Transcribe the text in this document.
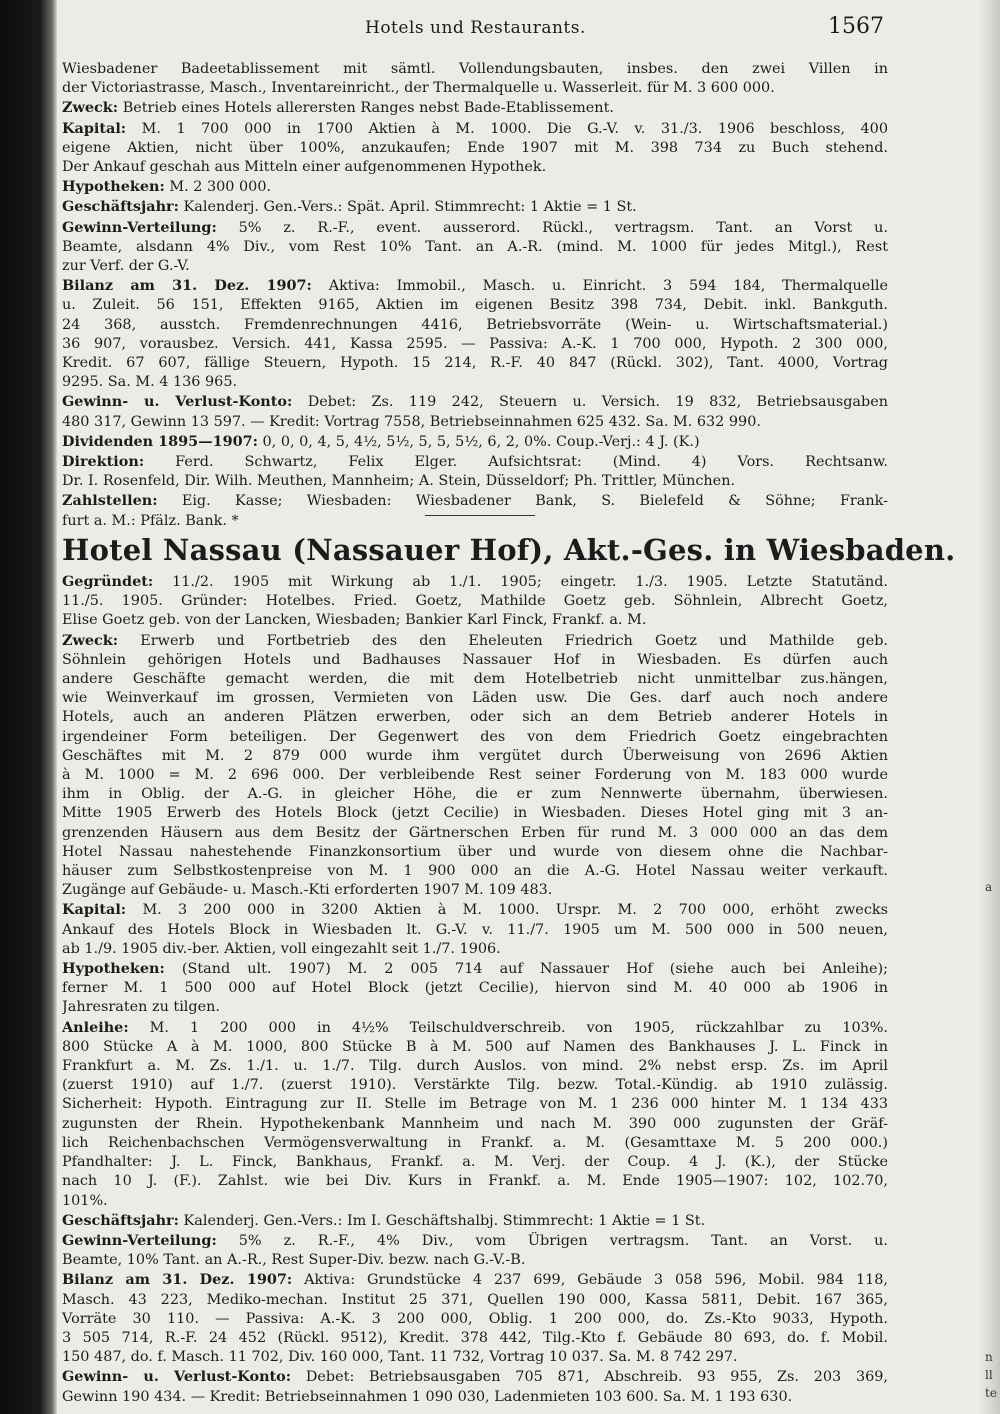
Hotels und Restaurants.	1567
Wiesbadener Badeetablissement mit sämtl. Vollendungsbauten, insbes. den zwei Villen in
der Victoriastrasse, Masch., Inventareinricht., der Thermalquelle u. Wasserleit. für M. 3 600 000.
Zweck: Betrieb eines Hotels allerersten Ranges nebst Bade-Etablissement.
Kapital: M. 1 700 000 in 1700 Aktien à M. 1000. Die G.-V. v. 31./3. 1906 beschloss, 400
eigene Aktien, nicht über 100%, anzukaufen; Ende 1907 mit M. 398 734 zu Buch stehend.
Der Ankauf geschah aus Mitteln einer aufgenommenen Hypothek.
Hypotheken: M. 2 300 000.
Geschäftsjahr: Kalenderj. Gen.-Vers.: Spät. April. Stimmrecht: 1 Aktie = 1 St.
Gewinn-Verteilung: 5% z. R.-F., event. ausserord. Rückl., vertragsm. Tant. an Vorst u.
Beamte, alsdann 4% Div., vom Rest 10% Tant. an A.-R. (mind. M. 1000 für jedes Mitgl.), Rest
zur Verf. der G.-V.
Bilanz am 31. Dez. 1907: Aktiva: Immobil., Masch. u. Einricht. 3 594 184, Thermalquelle
u. Zuleit. 56 151, Effekten 9165, Aktien im eigenen Besitz 398 734, Debit. inkl. Bankguth.
24 368, ausstch. Fremdenrechnungen 4416, Betriebsvorräte (Wein- u. Wirtschaftsmaterial.)
36 907, vorausbez. Versich. 441, Kassa 2595. — Passiva: A.-K. 1 700 000, Hypoth. 2 300 000,
Kredit. 67 607, fällige Steuern, Hypoth. 15 214, R.-F. 40 847 (Rückl. 302), Tant. 4000, Vortrag
9295. Sa. M. 4 136 965.
Gewinn- u. Verlust-Konto: Debet: Zs. 119 242, Steuern u. Versich. 19 832, Betriebsausgaben
480 317, Gewinn 13 597. — Kredit: Vortrag 7558, Betriebseinnahmen 625 432. Sa. M. 632 990.
Dividenden 1895—1907: 0, 0, 0, 4, 5, 4½, 5½, 5, 5, 5½, 6, 2, 0%. Coup.-Verj.: 4 J. (K.)
Direktion: Ferd. Schwartz, Felix Elger. Aufsichtsrat: (Mind. 4) Vors. Rechtsanw.
Dr. I. Rosenfeld, Dir. Wilh. Meuthen, Mannheim; A. Stein, Düsseldorf; Ph. Trittler, München.
Zahlstellen: Eig. Kasse; Wiesbaden: Wiesbadener Bank, S. Bielefeld & Söhne; Frank-
furt a. M.: Pfälz. Bank. *
Hotel Nassau (Nassauer Hof), Akt.-Ges. in Wiesbaden.
Gegründet: 11./2. 1905 mit Wirkung ab 1./1. 1905; eingetr. 1./3. 1905. Letzte Statutänd.
11./5. 1905. Gründer: Hotelbes. Fried. Goetz, Mathilde Goetz geb. Söhnlein, Albrecht Goetz,
Elise Goetz geb. von der Lancken, Wiesbaden; Bankier Karl Finck, Frankf. a. M.
Zweck: Erwerb und Fortbetrieb des den Eheleuten Friedrich Goetz und Mathilde geb.
Söhnlein gehörigen Hotels und Badhauses Nassauer Hof in Wiesbaden. Es dürfen auch
andere Geschäfte gemacht werden, die mit dem Hotelbetrieb nicht unmittelbar zus.hängen,
wie Weinverkauf im grossen, Vermieten von Läden usw. Die Ges. darf auch noch andere
Hotels, auch an anderen Plätzen erwerben, oder sich an dem Betrieb anderer Hotels in
irgendeiner Form beteiligen. Der Gegenwert des von dem Friedrich Goetz eingebrachten
Geschäftes mit M. 2 879 000 wurde ihm vergütet durch Überweisung von 2696 Aktien
à M. 1000 = M. 2 696 000. Der verbleibende Rest seiner Forderung von M. 183 000 wurde
ihm in Oblig. der A.-G. in gleicher Höhe, die er zum Nennwerte übernahm, überwiesen.
Mitte 1905 Erwerb des Hotels Block (jetzt Cecilie) in Wiesbaden. Dieses Hotel ging mit 3 an-
grenzenden Häusern aus dem Besitz der Gärtnerschen Erben für rund M. 3 000 000 an das dem
Hotel Nassau nahestehende Finanzkonsortium über und wurde von diesem ohne die Nachbar-
häuser zum Selbstkostenpreise von M. 1 900 000 an die A.-G. Hotel Nassau weiter verkauft.
Zugänge auf Gebäude- u. Masch.-Kti erforderten 1907 M. 109 483.
Kapital: M. 3 200 000 in 3200 Aktien à M. 1000. Urspr. M. 2 700 000, erhöht zwecks
Ankauf des Hotels Block in Wiesbaden lt. G.-V. v. 11./7. 1905 um M. 500 000 in 500 neuen,
ab 1./9. 1905 div.-ber. Aktien, voll eingezahlt seit 1./7. 1906.
Hypotheken: (Stand ult. 1907) M. 2 005 714 auf Nassauer Hof (siehe auch bei Anleihe);
ferner M. 1 500 000 auf Hotel Block (jetzt Cecilie), hiervon sind M. 40 000 ab 1906 in
Jahresraten zu tilgen.
Anleihe: M. 1 200 000 in 4½% Teilschuldverschreib. von 1905, rückzahlbar zu 103%.
800 Stücke A à M. 1000, 800 Stücke B à M. 500 auf Namen des Bankhauses J. L. Finck in
Frankfurt a. M. Zs. 1./1. u. 1./7. Tilg. durch Auslos. von mind. 2% nebst ersp. Zs. im April
(zuerst 1910) auf 1./7. (zuerst 1910). Verstärkte Tilg. bezw. Total.-Kündig. ab 1910 zulässig.
Sicherheit: Hypoth. Eintragung zur II. Stelle im Betrage von M. 1 236 000 hinter M. 1 134 433
zugunsten der Rhein. Hypothekenbank Mannheim und nach M. 390 000 zugunsten der Gräf-
lich Reichenbachschen Vermögensverwaltung in Frankf. a. M. (Gesamttaxe M. 5 200 000.)
Pfandhalter: J. L. Finck, Bankhaus, Frankf. a. M. Verj. der Coup. 4 J. (K.), der Stücke
nach 10 J. (F.). Zahlst. wie bei Div. Kurs in Frankf. a. M. Ende 1905—1907: 102, 102.70,
101%.
Geschäftsjahr: Kalenderj. Gen.-Vers.: Im I. Geschäftshalbj. Stimmrecht: 1 Aktie = 1 St.
Gewinn-Verteilung: 5% z. R.-F., 4% Div., vom Übrigen vertragsm. Tant. an Vorst. u.
Beamte, 10% Tant. an A.-R., Rest Super-Div. bezw. nach G.-V.-B.
Bilanz am 31. Dez. 1907: Aktiva: Grundstücke 4 237 699, Gebäude 3 058 596, Mobil. 984 118,
Masch. 43 223, Mediko-mechan. Institut 25 371, Quellen 190 000, Kassa 5811, Debit. 167 365,
Vorräte 30 110. — Passiva: A.-K. 3 200 000, Oblig. 1 200 000, do. Zs.-Kto 9033, Hypoth.
3 505 714, R.-F. 24 452 (Rückl. 9512), Kredit. 378 442, Tilg.-Kto f. Gebäude 80 693, do. f. Mobil.
150 487, do. f. Masch. 11 702, Div. 160 000, Tant. 11 732, Vortrag 10 037. Sa. M. 8 742 297.
Gewinn- u. Verlust-Konto: Debet: Betriebsausgaben 705 871, Abschreib. 93 955, Zs. 203 369,
Gewinn 190 434. — Kredit: Betriebseinnahmen 1 090 030, Ladenmieten 103 600. Sa. M. 1 193 630.
a
n
ll
te
